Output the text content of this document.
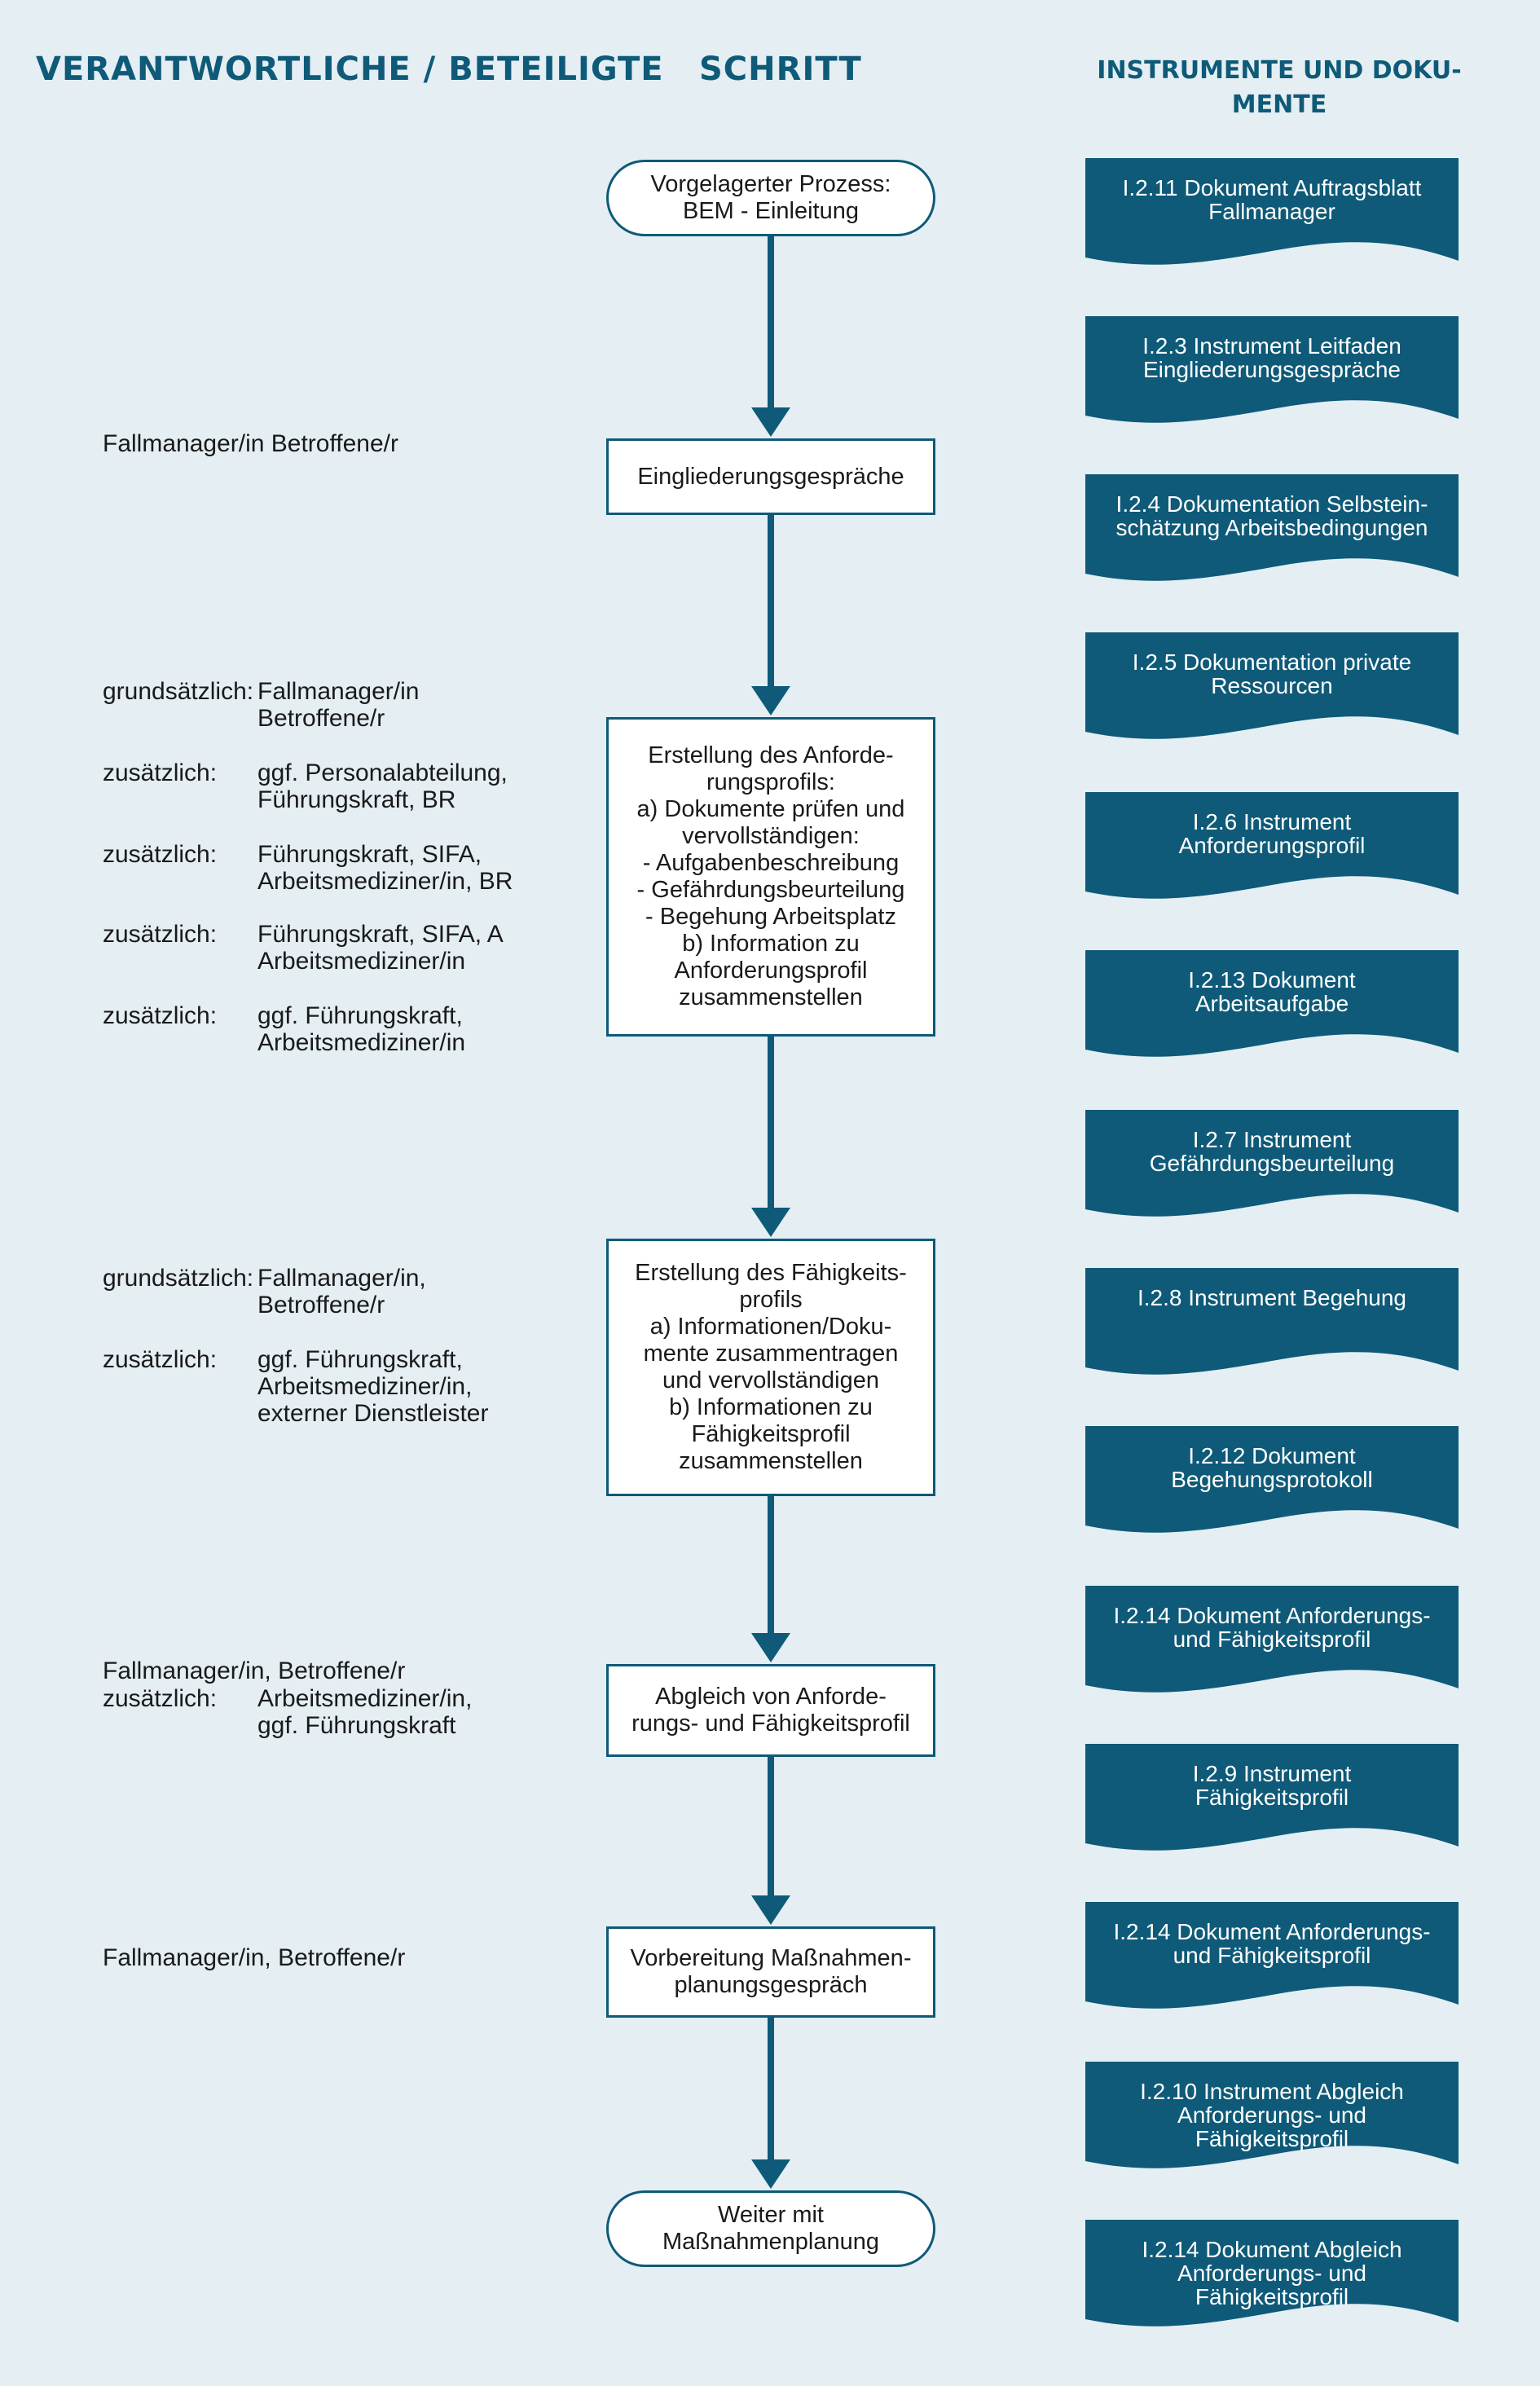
VERANTWORTLICHE / BETEILIGTE SCHRITT	INSTRUMENTE UND DOKU-
MENTE
Vorgelagerter Prozess:
BEM - Einleitung
Eingliederungsgespräche
Erstellung des Anforde-
rungsprofils:
a) Dokumente prüfen und
vervollständigen:
- Aufgabenbeschreibung
- Gefährdungsbeurteilung
- Begehung Arbeitsplatz
b) Information zu
Anforderungsprofil
zusammenstellen
Erstellung des Fähigkeits-
profils
a) Informationen/Doku-
mente zusammentragen
und vervollständigen
b) Informationen zu
Fähigkeitsprofil
zusammenstellen
Abgleich von Anforde-
rungs- und Fähigkeitsprofil
Vorbereitung Maßnahmen-
planungsgespräch
Weiter mit
Maßnahmenplanung
Fallmanager/in Betroffene/r
grundsätzlich: Fallmanager/in
Betroffene/r
zusätzlich: ggf. Personalabteilung,
Führungskraft, BR
zusätzlich: Führungskraft, SIFA,
Arbeitsmediziner/in, BR
zusätzlich: Führungskraft, SIFA, A
Arbeitsmediziner/in
zusätzlich: ggf. Führungskraft,
Arbeitsmediziner/in
grundsätzlich: Fallmanager/in,
Betroffene/r
zusätzlich: ggf. Führungskraft,
Arbeitsmediziner/in,
externer Dienstleister
Fallmanager/in, Betroffene/r
zusätzlich: Arbeitsmediziner/in,
ggf. Führungskraft
Fallmanager/in, Betroffene/r
I.2.11 Dokument Auftragsblatt
Fallmanager
I.2.3 Instrument Leitfaden
Eingliederungsgespräche
I.2.4 Dokumentation Selbstein-
schätzung Arbeitsbedingungen
I.2.5 Dokumentation private
Ressourcen
I.2.6 Instrument
Anforderungsprofil
I.2.13 Dokument
Arbeitsaufgabe
I.2.7 Instrument
Gefährdungsbeurteilung
I.2.8 Instrument Begehung
I.2.12 Dokument
Begehungsprotokoll
I.2.14 Dokument Anforderungs-
und Fähigkeitsprofil
I.2.9 Instrument
Fähigkeitsprofil
I.2.14 Dokument Anforderungs-
und Fähigkeitsprofil
I.2.10 Instrument Abgleich
Anforderungs- und
Fähigkeitsprofil
I.2.14 Dokument Abgleich
Anforderungs- und
Fähigkeitsprofil
